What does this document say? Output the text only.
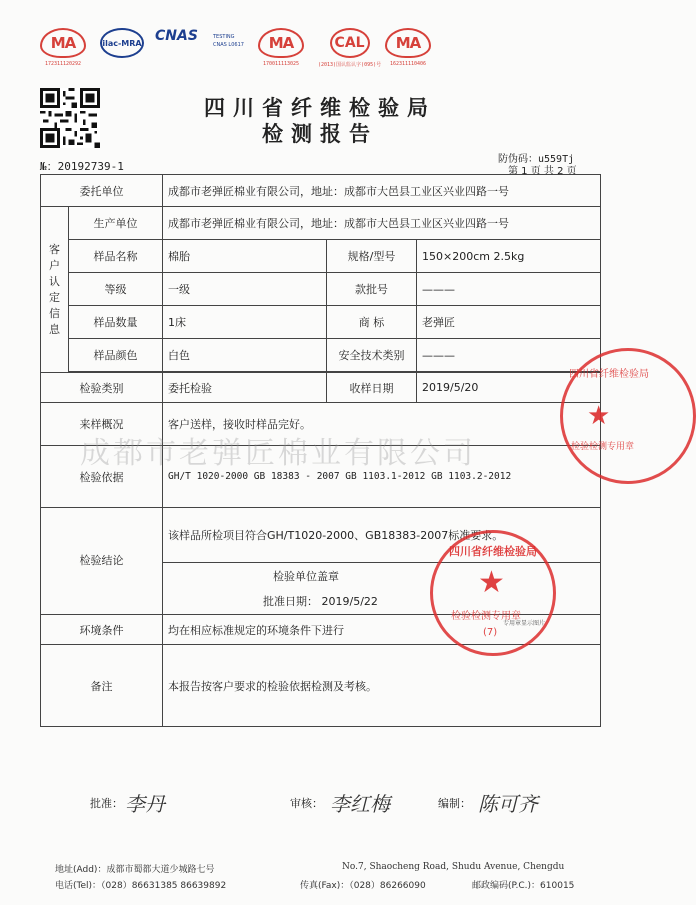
MA
172311120292
ilac-MRA CNAS	TESTING
CNAS L0617	MA
170011113025
CAL
(2013)国认监认字(095)号
MA
162311110406
四川省纤维检验局
检测报告
№：20192739-1
防伪码：u559Tj
第 1 页 共 2 页
委托单位		成都市老弹匠棉业有限公司，地址：成都市大邑县工业区兴业四路一号		
客户认定信息	生产单位	成都市老弹匠棉业有限公司，地址：成都市大邑县工业区兴业四路一号		
	样品名称	棉胎	规格/型号	150×200cm 2.5kg
	等级	一级	款批号	———
	样品数量	1床	商 标	老弹匠
	样品颜色	白色	安全技术类别	———

检验类别		委托检验	收样日期	2019/5/20
来样概况		客户送样，接收时样品完好。		
检验依据		GH/T 1020-2000 GB 18383 - 2007 GB 1103.1-2012 GB 1103.2-2012		
检验结论		该样品所检项目符合GH/T1020-2000、GB18383-2007标准要求。		
		检验单位盖章		
		批准日期： 2019/5/22		
环境条件		均在相应标准规定的环境条件下进行		
备注		本报告按客户要求的检验依据检测及考核。		
成都市老弹匠棉业有限公司
★
四川省纤维检验局
检验检测专用章
★
四川省纤维检验局
检验检测专用章
(7)
专用章显示图片
批准： 李丹	审核： 李红梅	编制： 陈可齐
地址(Add)：成都市蜀都大道少城路七号	No.7, Shaocheng Road, Shudu Avenue, Chengdu
电话(Tel)：（028）86631385 86639892	传真(Fax)：（028）86266090	邮政编码(P.C.)：610015
